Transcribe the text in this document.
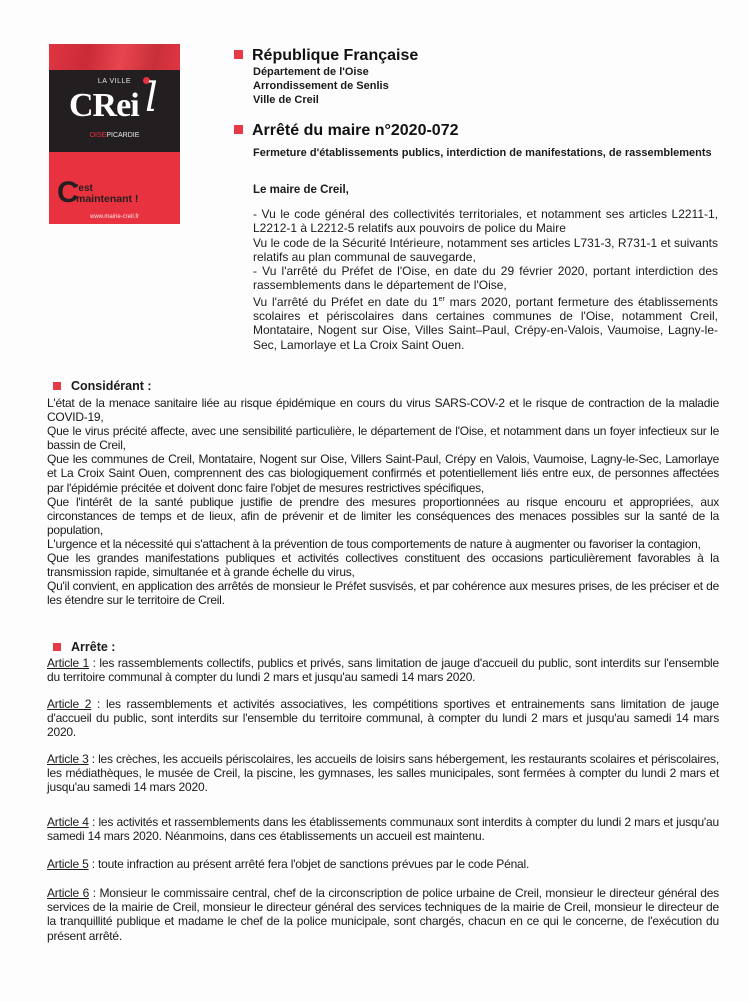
LA VILLE
CRei l
OISEPICARDIE
C
'est
maintenant !
www.mairie-creil.fr
République Française
Département de l'Oise
Arrondissement de Senlis
Ville de Creil
Arrêté du maire n°2020-072
Fermeture d'établissements publics, interdiction de manifestations, de rassemblements
Le maire de Creil,

- Vu le code général des collectivités territoriales, et notamment ses articles L2211-1, L2212-1 à L2212-5 relatifs aux pouvoirs de police du Maire

Vu le code de la Sécurité Intérieure, notamment ses articles L731-3, R731-1 et suivants relatifs au plan communal de sauvegarde,

- Vu l'arrêté du Préfet de l'Oise, en date du 29 février 2020, portant interdiction des rassemblements dans le département de l'Oise,

Vu l'arrêté du Préfet en date du 1er mars 2020, portant fermeture des établissements scolaires et périscolaires dans certaines communes de l'Oise, notamment Creil, Montataire, Nogent sur Oise, Villes Saint–Paul, Crépy-en-Valois, Vaumoise, Lagny-le-Sec, Lamorlaye et La Croix Saint Ouen.

Considérant :

L'état de la menace sanitaire liée au risque épidémique en cours du virus SARS-COV-2 et le risque de contraction de la maladie COVID-19,

Que le virus précité affecte, avec une sensibilité particulière, le département de l'Oise, et notamment dans un foyer infectieux sur le bassin de Creil,

Que les communes de Creil, Montataire, Nogent sur Oise, Villers Saint-Paul, Crépy en Valois, Vaumoise, Lagny-le-Sec, Lamorlaye et La Croix Saint Ouen, comprennent des cas biologiquement confirmés et potentiellement liés entre eux, de personnes affectées par l'épidémie précitée et doivent donc faire l'objet de mesures restrictives spécifiques,

Que l'intérêt de la santé publique justifie de prendre des mesures proportionnées au risque encouru et appropriées, aux circonstances de temps et de lieux, afin de prévenir et de limiter les conséquences des menaces possibles sur la santé de la population,

L'urgence et la nécessité qui s'attachent à la prévention de tous comportements de nature à augmenter ou favoriser la contagion,

Que les grandes manifestations publiques et activités collectives constituent des occasions particulièrement favorables à la transmission rapide, simultanée et à grande échelle du virus,

Qu'il convient, en application des arrêtés de monsieur le Préfet susvisés, et par cohérence aux mesures prises, de les préciser et de les étendre sur le territoire de Creil.

Arrête :
Article 1 : les rassemblements collectifs, publics et privés, sans limitation de jauge d'accueil du public, sont interdits sur l'ensemble du territoire communal à compter du lundi 2 mars et jusqu'au samedi 14 mars 2020.
Article 2 : les rassemblements et activités associatives, les compétitions sportives et entrainements sans limitation de jauge d'accueil du public, sont interdits sur l'ensemble du territoire communal, à compter du lundi 2 mars et jusqu'au samedi 14 mars 2020.
Article 3 : les crèches, les accueils périscolaires, les accueils de loisirs sans hébergement, les restaurants scolaires et périscolaires, les médiathèques, le musée de Creil, la piscine, les gymnases, les salles municipales, sont fermées à compter du lundi 2 mars et jusqu'au samedi 14 mars 2020.
Article 4 : les activités et rassemblements dans les établissements communaux sont interdits à compter du lundi 2 mars et jusqu'au samedi 14 mars 2020. Néanmoins, dans ces établissements un accueil est maintenu.
Article 5 : toute infraction au présent arrêté fera l'objet de sanctions prévues par le code Pénal.
Article 6 : Monsieur le commissaire central, chef de la circonscription de police urbaine de Creil, monsieur le directeur général des services de la mairie de Creil, monsieur le directeur général des services techniques de la mairie de Creil, monsieur le directeur de la tranquillité publique et madame le chef de la police municipale, sont chargés, chacun en ce qui le concerne, de l'exécution du présent arrêté.
